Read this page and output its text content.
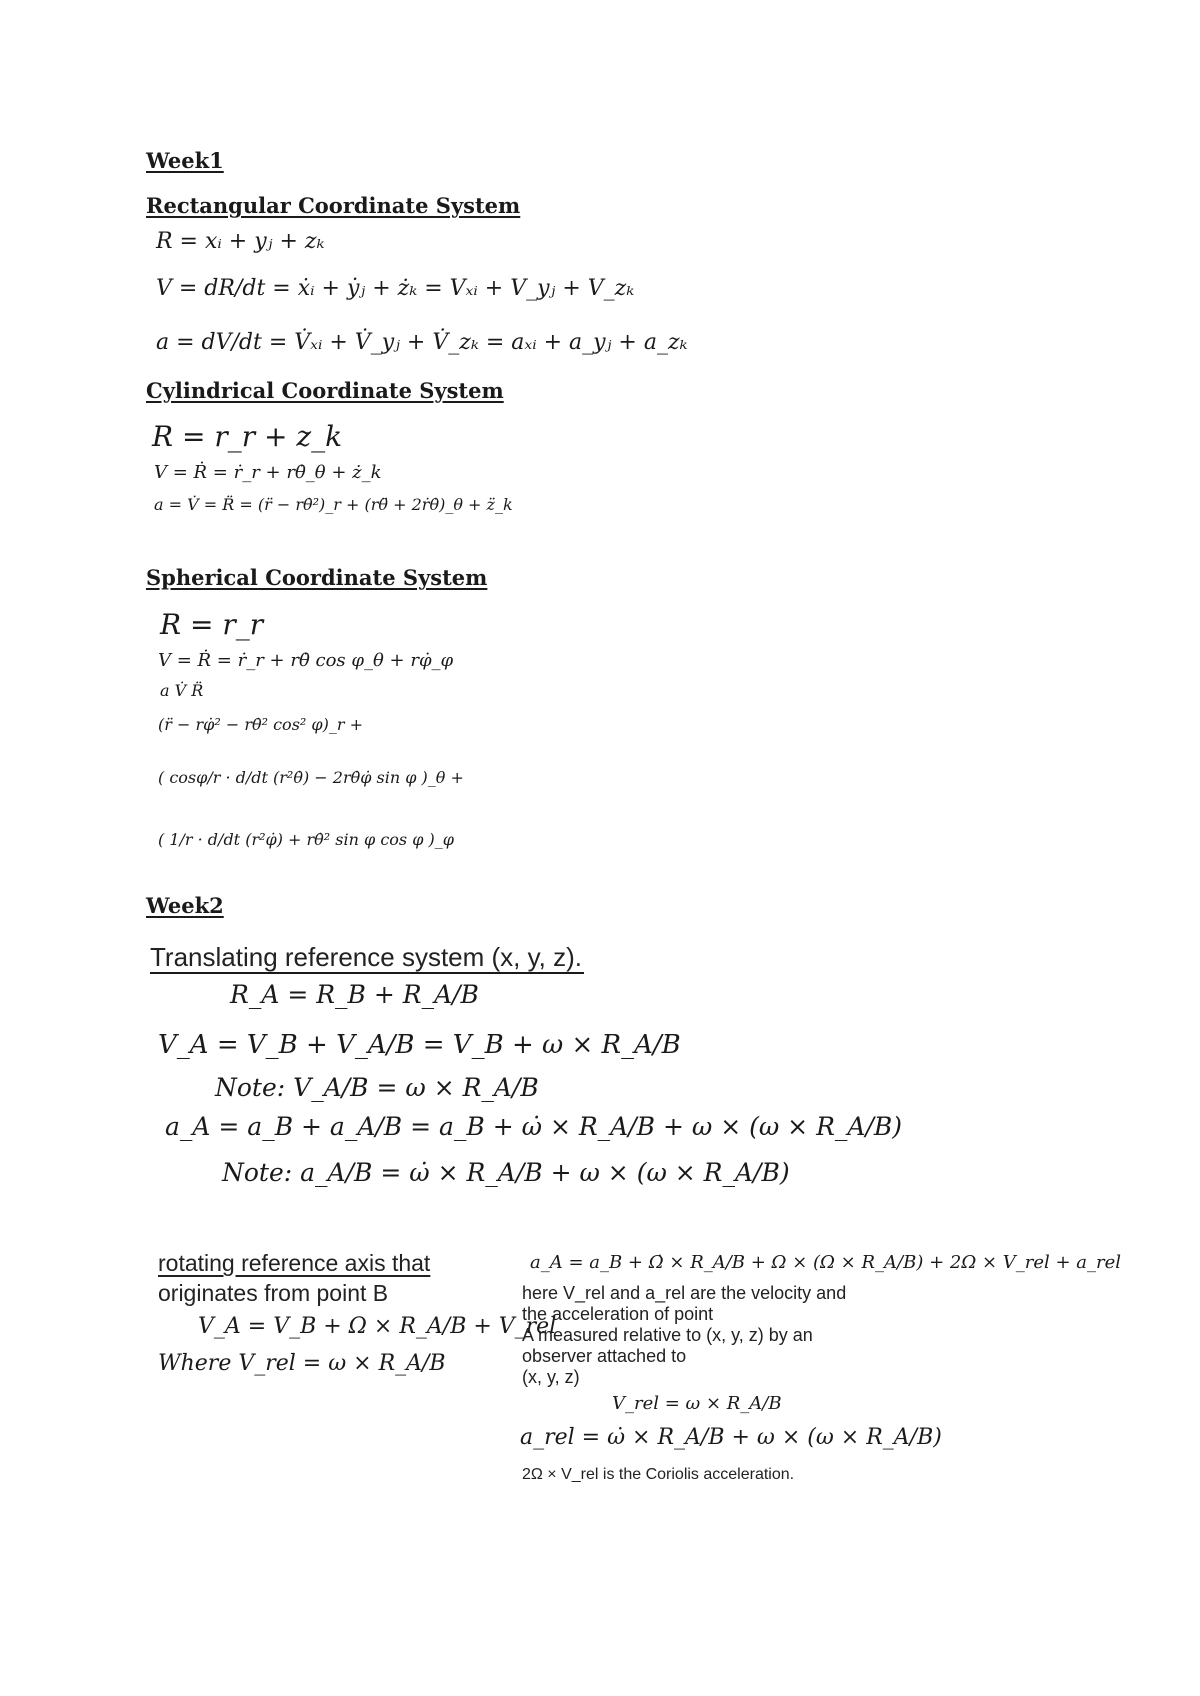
Week1
Rectangular Coordinate System
R = xᵢ + yⱼ + zₖ
V = dR/dt = ẋᵢ + ẏⱼ + żₖ = Vₓᵢ + V_yⱼ + V_zₖ
a = dV/dt = V̇ₓᵢ + V̇_yⱼ + V̇_zₖ = aₓᵢ + a_yⱼ + a_zₖ
Cylindrical Coordinate System
R = r_r + z_k
V = Ṙ = ṙ_r + rθ̇_θ + ż_k
a = V̇ = R̈ = (r̈ − rθ̇²)_r + (rθ̈ + 2ṙθ̇)_θ + z̈_k
Spherical Coordinate System
R = r_r
V = Ṙ = ṙ_r + rθ̇ cos φ_θ + rφ̇_φ
a V̇ R̈
(r̈ − rφ̇² − rθ̇² cos² φ)_r +
( cosφ/r · d/dt (r²θ̇) − 2rθ̇φ̇ sin φ )_θ +
( 1/r · d/dt (r²φ̇) + rθ̇² sin φ cos φ )_φ
Week2
Translating reference system (x, y, z).
R_A = R_B + R_A/B
V_A = V_B + V_A/B = V_B + ω × R_A/B
Note: V_A/B = ω × R_A/B
a_A = a_B + a_A/B = a_B + ω̇ × R_A/B + ω × (ω × R_A/B)
Note: a_A/B = ω̇ × R_A/B + ω × (ω × R_A/B)
rotating reference axis that
originates from point B
V_A = V_B + Ω × R_A/B + V_rel
Where V_rel = ω × R_A/B
a_A = a_B + Ω̇ × R_A/B + Ω × (Ω × R_A/B) + 2Ω × V_rel + a_rel
here V_rel and a_rel are the velocity and
the acceleration of point
A measured relative to (x, y, z) by an
observer attached to
(x, y, z)
V_rel = ω × R_A/B
a_rel = ω̇ × R_A/B + ω × (ω × R_A/B)
2Ω × V_rel is the Coriolis acceleration.
